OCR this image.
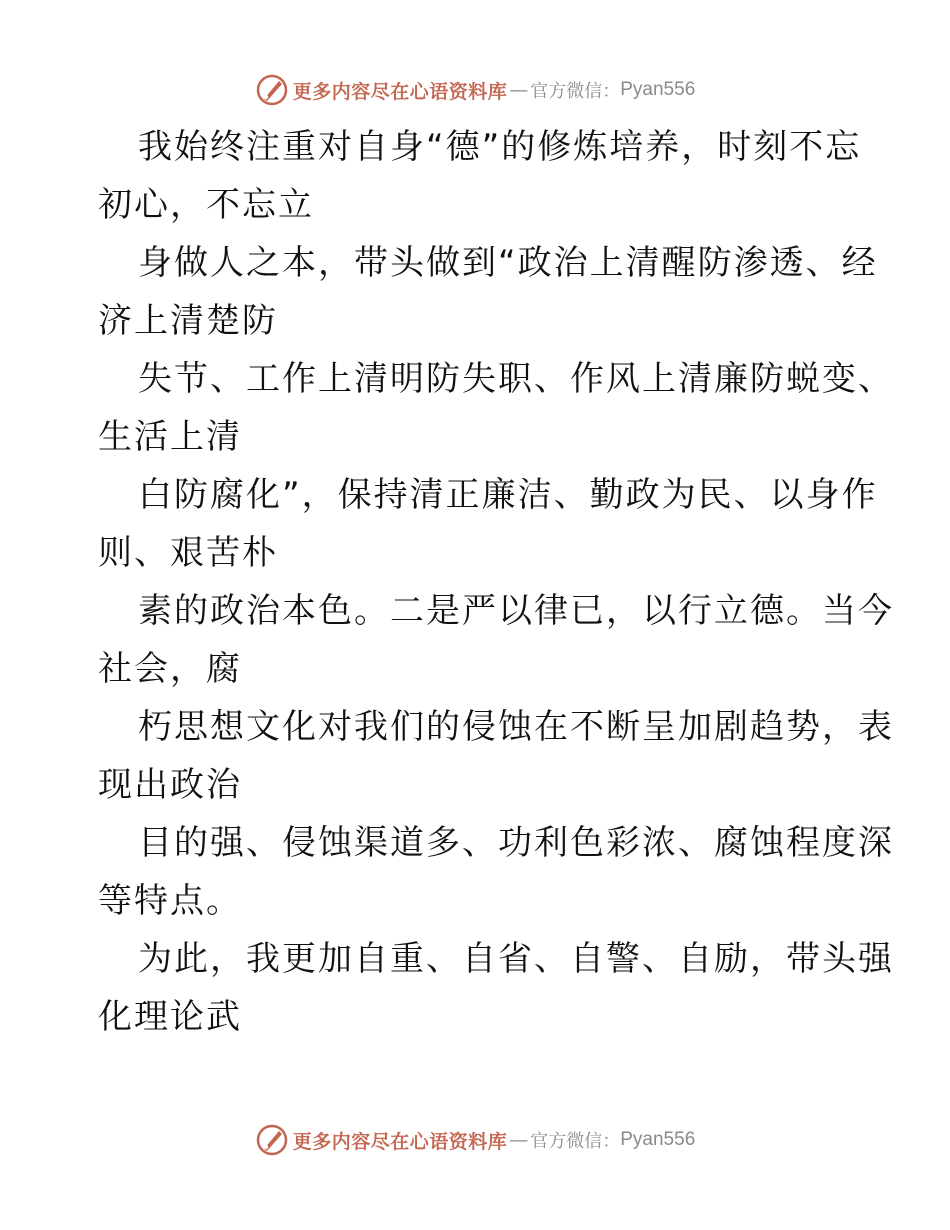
更多内容尽在心语资料库 — 官方微信： Pyan556

我始终注重对自身“德”的修炼培养，时刻不忘
初心，不忘立

身做人之本，带头做到“政治上清醒防渗透、经
济上清楚防

失节、工作上清明防失职、作风上清廉防蜕变、
生活上清

白防腐化”，保持清正廉洁、勤政为民、以身作
则、艰苦朴

素的政治本色。二是严以律已，以行立德。当今
社会，腐

朽思想文化对我们的侵蚀在不断呈加剧趋势，表
现出政治

目的强、侵蚀渠道多、功利色彩浓、腐蚀程度深
等特点。

为此，我更加自重、自省、自警、自励，带头强
化理论武

更多内容尽在心语资料库 — 官方微信： Pyan556
